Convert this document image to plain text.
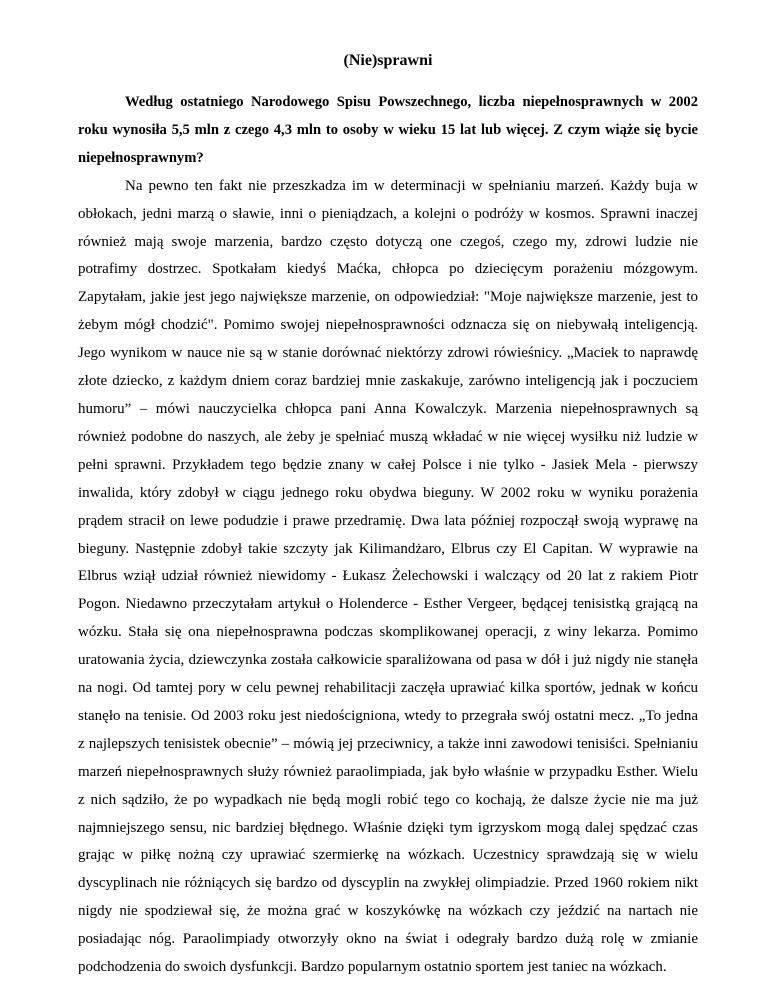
(Nie)sprawni

Według ostatniego Narodowego Spisu Powszechnego, liczba niepełnosprawnych w 2002 roku wynosiła 5,5 mln z czego 4,3 mln to osoby w wieku 15 lat lub więcej. Z czym wiąże się bycie niepełnosprawnym?

Na pewno ten fakt nie przeszkadza im w determinacji w spełnianiu marzeń. Każdy buja w obłokach, jedni marzą o sławie, inni o pieniądzach, a kolejni o podróży w kosmos. Sprawni inaczej również mają swoje marzenia, bardzo często dotyczą one czegoś, czego my, zdrowi ludzie nie potrafimy dostrzec. Spotkałam kiedyś Maćka, chłopca po dziecięcym porażeniu mózgowym. Zapytałam, jakie jest jego największe marzenie, on odpowiedział: "Moje największe marzenie, jest to żebym mógł chodzić". Pomimo swojej niepełnosprawności odznacza się on niebywałą inteligencją. Jego wynikom w nauce nie są w stanie dorównać niektórzy zdrowi rówieśnicy. „Maciek to naprawdę złote dziecko, z każdym dniem coraz bardziej mnie zaskakuje, zarówno inteligencją jak i poczuciem humoru” – mówi nauczycielka chłopca pani Anna Kowalczyk. Marzenia niepełnosprawnych są również podobne do naszych, ale żeby je spełniać muszą wkładać w nie więcej wysiłku niż ludzie w pełni sprawni. Przykładem tego będzie znany w całej Polsce i nie tylko - Jasiek Mela - pierwszy inwalida, który zdobył w ciągu jednego roku obydwa bieguny. W 2002 roku w wyniku porażenia prądem stracił on lewe podudzie i prawe przedramię. Dwa lata później rozpoczął swoją wyprawę na bieguny. Następnie zdobył takie szczyty jak Kilimandżaro, Elbrus czy El Capitan. W wyprawie na Elbrus wziął udział również niewidomy - Łukasz Żelechowski i walczący od 20 lat z rakiem Piotr Pogon. Niedawno przeczytałam artykuł o Holenderce - Esther Vergeer, będącej tenisistką grającą na wózku. Stała się ona niepełnosprawna podczas skomplikowanej operacji, z winy lekarza. Pomimo uratowania życia, dziewczynka została całkowicie sparaliżowana od pasa w dół i już nigdy nie stanęła na nogi. Od tamtej pory w celu pewnej rehabilitacji zaczęła uprawiać kilka sportów, jednak w końcu stanęło na tenisie. Od 2003 roku jest niedościgniona, wtedy to przegrała swój ostatni mecz. „To jedna z najlepszych tenisistek obecnie” – mówią jej przeciwnicy, a także inni zawodowi tenisiści. Spełnianiu marzeń niepełnosprawnych służy również paraolimpiada, jak było właśnie w przypadku Esther. Wielu z nich sądziło, że po wypadkach nie będą mogli robić tego co kochają, że dalsze życie nie ma już najmniejszego sensu, nic bardziej błędnego. Właśnie dzięki tym igrzyskom mogą dalej spędzać czas grając w piłkę nożną czy uprawiać szermierkę na wózkach. Uczestnicy sprawdzają się w wielu dyscyplinach nie różniących się bardzo od dyscyplin na zwykłej olimpiadzie. Przed 1960 rokiem nikt nigdy nie spodziewał się, że można grać w koszykówkę na wózkach czy jeździć na nartach nie posiadając nóg. Paraolimpiady otworzyły okno na świat i odegrały bardzo dużą rolę w zmianie podchodzenia do swoich dysfunkcji. Bardzo popularnym ostatnio sportem jest taniec na wózkach.
